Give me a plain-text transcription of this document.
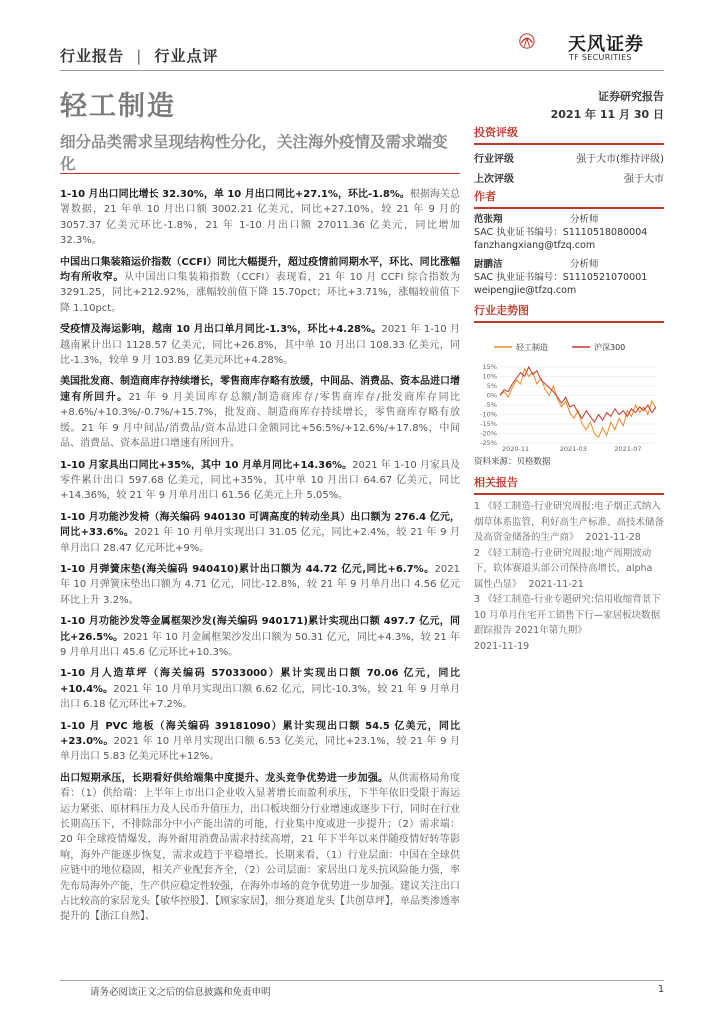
行业报告 | 行业点评
天风证券
TF SECURITIES
轻工制造	证券研究报告
2021 年 11 月 30 日
细分品类需求呈现结构性分化，关注海外疫情及需求端变化
投资评级
行业评级	强于大市(维持评级)
上次评级	强于大市
作者
范张翔	分析师
SAC 执业证书编号：S1110518080004
fanzhangxiang@tfzq.com
尉鹏洁	分析师
SAC 执业证书编号：S1110521070001
weipengjie@tfzq.com
行业走势图
轻工制造	沪深300
15%
10%
5%
0%
-5%
-10%
-15%
-20%
-25%
2020-11	2021-03	2021-07
资料来源：贝格数据
相关报告
1 《轻工制造-行业研究周报:电子烟正式纳入烟草体系监管，利好高生产标准、高技术储备及高资金储备的生产商》 2021-11-28
2 《轻工制造-行业研究周报:地产周期波动下，软体赛道头部公司保持高增长，alpha 属性凸显》 2021-11-21
3 《轻工制造-行业专题研究:信用收缩背景下 10 月单月住宅开工销售下行—家居板块数据跟踪报告 2021年第九期》
2021-11-19
1-10 月出口同比增长 32.30%，单 10 月出口同比+27.1%，环比-1.8%。根据海关总署数据，21 年单 10 月出口额 3002.21 亿美元，同比+27.10%，较 21 年 9 月的 3057.37 亿美元环比-1.8%，21 年 1-10 月出口额 27011.36 亿美元，同比增加 32.3%。
中国出口集装箱运价指数（CCFI）同比大幅提升，超过疫情前同期水平，环比、同比涨幅均有所收窄。从中国出口集装箱指数（CCFI）表现看，21 年 10 月 CCFI 综合指数为 3291.25，同比+212.92%，涨幅较前值下降 15.70pct；环比+3.71%，涨幅较前值下降 1.10pct。
受疫情及海运影响，越南 10 月出口单月同比-1.3%，环比+4.28%。2021 年 1-10 月越南累计出口 1128.57 亿美元，同比+26.8%，其中单 10 月出口 108.33 亿美元，同比-1.3%，较单 9 月 103.89 亿美元环比+4.28%。
美国批发商、制造商库存持续增长，零售商库存略有放缓，中间品、消费品、资本品进口增速有所回升。21 年 9 月美国库存总额/制造商库存/零售商库存/批发商库存同比+8.6%/+10.3%/-0.7%/+15.7%，批发商、制造商库存持续增长，零售商库存略有放缓。21 年 9 月中间品/消费品/资本品进口金额同比+56.5%/+12.6%/+17.8%，中间品、消费品、资本品进口增速有所回升。
1-10 月家具出口同比+35%，其中 10 月单月同比+14.36%。2021 年 1-10 月家具及零件累计出口 597.68 亿美元，同比+35%，其中单 10 月出口 64.67 亿美元，同比+14.36%，较 21 年 9 月单月出口 61.56 亿美元上升 5.05%。
1-10 月功能沙发椅（海关编码 940130 可调高度的转动坐具）出口额为 276.4 亿元，同比+33.6%。2021 年 10 月单月实现出口 31.05 亿元，同比+2.4%，较 21 年 9 月单月出口 28.47 亿元环比+9%。
1-10 月弹簧床垫(海关编码 940410)累计出口额为 44.72 亿元,同比+6.7%。2021 年 10 月弹簧床垫出口额为 4.71 亿元，同比-12.8%，较 21 年 9 月单月出口 4.56 亿元环比上升 3.2%。
1-10 月功能沙发等金属框架沙发(海关编码 940171)累计实现出口额 497.7 亿元，同比+26.5%。2021 年 10 月金属框架沙发出口额为 50.31 亿元，同比+4.3%，较 21 年 9 月单月出口 45.6 亿元环比+10.3%。
1-10 月人造草坪（海关编码 57033000）累计实现出口额 70.06 亿元，同比+10.4%。2021 年 10 月单月实现出口额 6.62 亿元，同比-10.3%，较 21 年 9 月单月出口 6.18 亿元环比+7.2%。
1-10 月 PVC 地板（海关编码 39181090）累计实现出口额 54.5 亿美元，同比+23.0%。2021 年 10 月单月实现出口额 6.53 亿美元，同比+23.1%，较 21 年 9 月单月出口 5.83 亿美元环比+12%。
出口短期承压，长期看好供给端集中度提升、龙头竞争优势进一步加强。从供需格局角度看：（1）供给端：上半年上市出口企业收入显著增长而盈利承压，下半年依旧受限于海运运力紧张、原材料压力及人民币升值压力，出口板块细分行业增速或逐步下行，同时在行业长期高压下，不排除部分中小产能出清的可能，行业集中度或进一步提升；（2）需求端：20 年全球疫情爆发，海外耐用消费品需求持续高增，21 年下半年以来伴随疫情好转等影响，海外产能逐步恢复，需求或趋于平稳增长。长期来看，（1）行业层面：中国在全球供应链中的地位稳固，相关产业配套齐全，（2）公司层面：家居出口龙头抗风险能力强，率先布局海外产能，生产供应稳定性较强，在海外市场的竞争优势进一步加强。建议关注出口占比较高的家居龙头【敏华控股】、【顾家家居】，细分赛道龙头【共创草坪】，单品类渗透率提升的【浙江自然】、
请务必阅读正文之后的信息披露和免责申明	1
